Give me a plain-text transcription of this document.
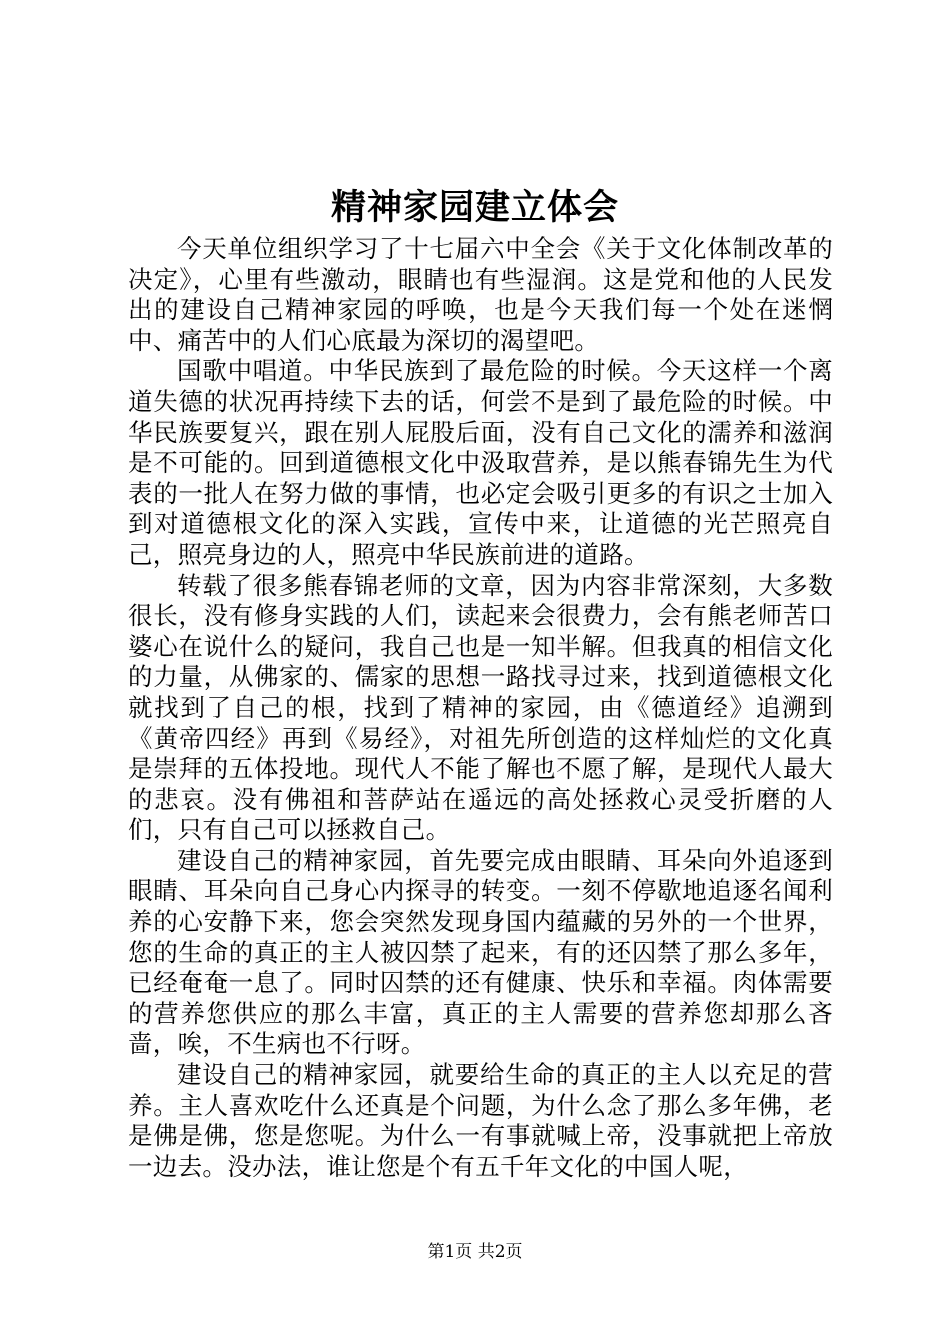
精神家园建立体会

今天单位组织学习了十七届六中全会《关于文化体制改革的决定》，心里有些激动，眼睛也有些湿润。这是党和他的人民发出的建设自己精神家园的呼唤，也是今天我们每一个处在迷惘中、痛苦中的人们心底最为深切的渴望吧。

国歌中唱道。中华民族到了最危险的时候。今天这样一个离道失德的状况再持续下去的话，何尝不是到了最危险的时候。中华民族要复兴，跟在别人屁股后面，没有自己文化的濡养和滋润是不可能的。回到道德根文化中汲取营养，是以熊春锦先生为代表的一批人在努力做的事情，也必定会吸引更多的有识之士加入到对道德根文化的深入实践，宣传中来，让道德的光芒照亮自己，照亮身边的人，照亮中华民族前进的道路。

转载了很多熊春锦老师的文章，因为内容非常深刻，大多数很长，没有修身实践的人们，读起来会很费力，会有熊老师苦口婆心在说什么的疑问，我自己也是一知半解。但我真的相信文化的力量，从佛家的、儒家的思想一路找寻过来，找到道德根文化就找到了自己的根，找到了精神的家园，由《德道经》追溯到《黄帝四经》再到《易经》，对祖先所创造的这样灿烂的文化真是崇拜的五体投地。现代人不能了解也不愿了解，是现代人最大的悲哀。没有佛祖和菩萨站在遥远的高处拯救心灵受折磨的人们，只有自己可以拯救自己。

建设自己的精神家园，首先要完成由眼睛、耳朵向外追逐到眼睛、耳朵向自己身心内探寻的转变。一刻不停歇地追逐名闻利养的心安静下来，您会突然发现身国内蕴藏的另外的一个世界，您的生命的真正的主人被囚禁了起来，有的还囚禁了那么多年，已经奄奄一息了。同时囚禁的还有健康、快乐和幸福。肉体需要的营养您供应的那么丰富，真正的主人需要的营养您却那么吝啬，唉，不生病也不行呀。

建设自己的精神家园，就要给生命的真正的主人以充足的营养。主人喜欢吃什么还真是个问题，为什么念了那么多年佛，老是佛是佛，您是您呢。为什么一有事就喊上帝，没事就把上帝放一边去。没办法，谁让您是个有五千年文化的中国人呢，

第1页 共2页
